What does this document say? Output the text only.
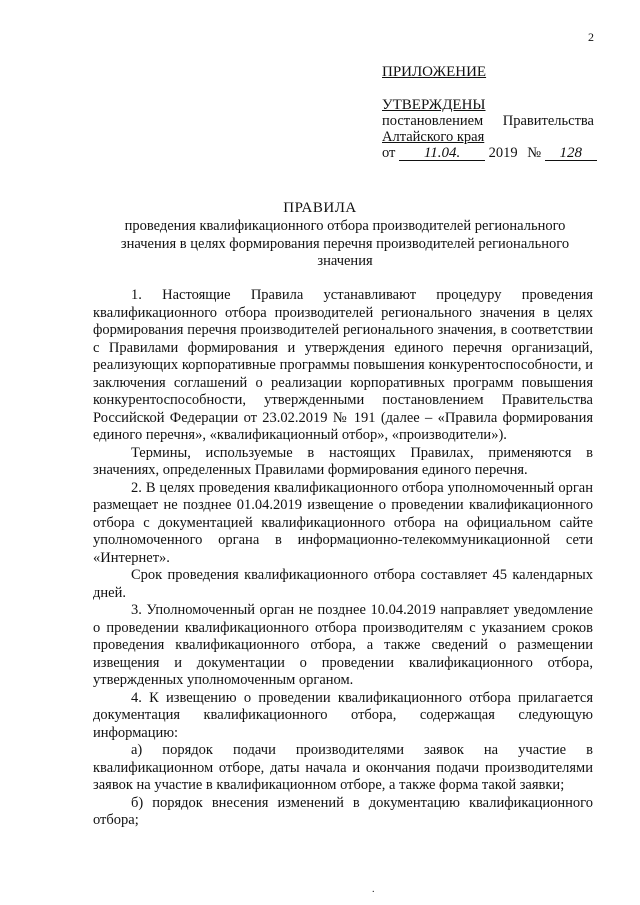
2
ПРИЛОЖЕНИЕ
УТВЕРЖДЕНЫ
постановлением Правительства
Алтайского края
от 11.04. 2019 № 128
ПРАВИЛА
проведения квалификационного отбора производителей регионального значения в целях формирования перечня производителей регионального значения

1. Настоящие Правила устанавливают процедуру проведения квалификационного отбора производителей регионального значения в целях формирования перечня производителей регионального значения, в соответствии с Правилами формирования и утверждения единого перечня организаций, реализующих корпоративные программы повышения конкурентоспособности, и заключения соглашений о реализации корпоративных программ повышения конкурентоспособности, утвержденными постановлением Правительства Российской Федерации от 23.02.2019 № 191 (далее – «Правила формирования единого перечня», «квалификационный отбор», «производители»).

Термины, используемые в настоящих Правилах, применяются в значениях, определенных Правилами формирования единого перечня.

2. В целях проведения квалификационного отбора уполномоченный орган размещает не позднее 01.04.2019 извещение о проведении квалификационного отбора с документацией квалификационного отбора на официальном сайте уполномоченного органа в информационно-телекоммуникационной сети «Интернет».

Срок проведения квалификационного отбора составляет 45 календарных дней.

3. Уполномоченный орган не позднее 10.04.2019 направляет уведомление о проведении квалификационного отбора производителям с указанием сроков проведения квалификационного отбора, а также сведений о размещении извещения и документации о проведении квалификационного отбора, утвержденных уполномоченным органом.

4. К извещению о проведении квалификационного отбора прилагается документация квалификационного отбора, содержащая следующую информацию:

а) порядок подачи производителями заявок на участие в квалификационном отборе, даты начала и окончания подачи производителями заявок на участие в квалификационном отборе, а также форма такой заявки;

б) порядок внесения изменений в документацию квалификационного отбора;

.
